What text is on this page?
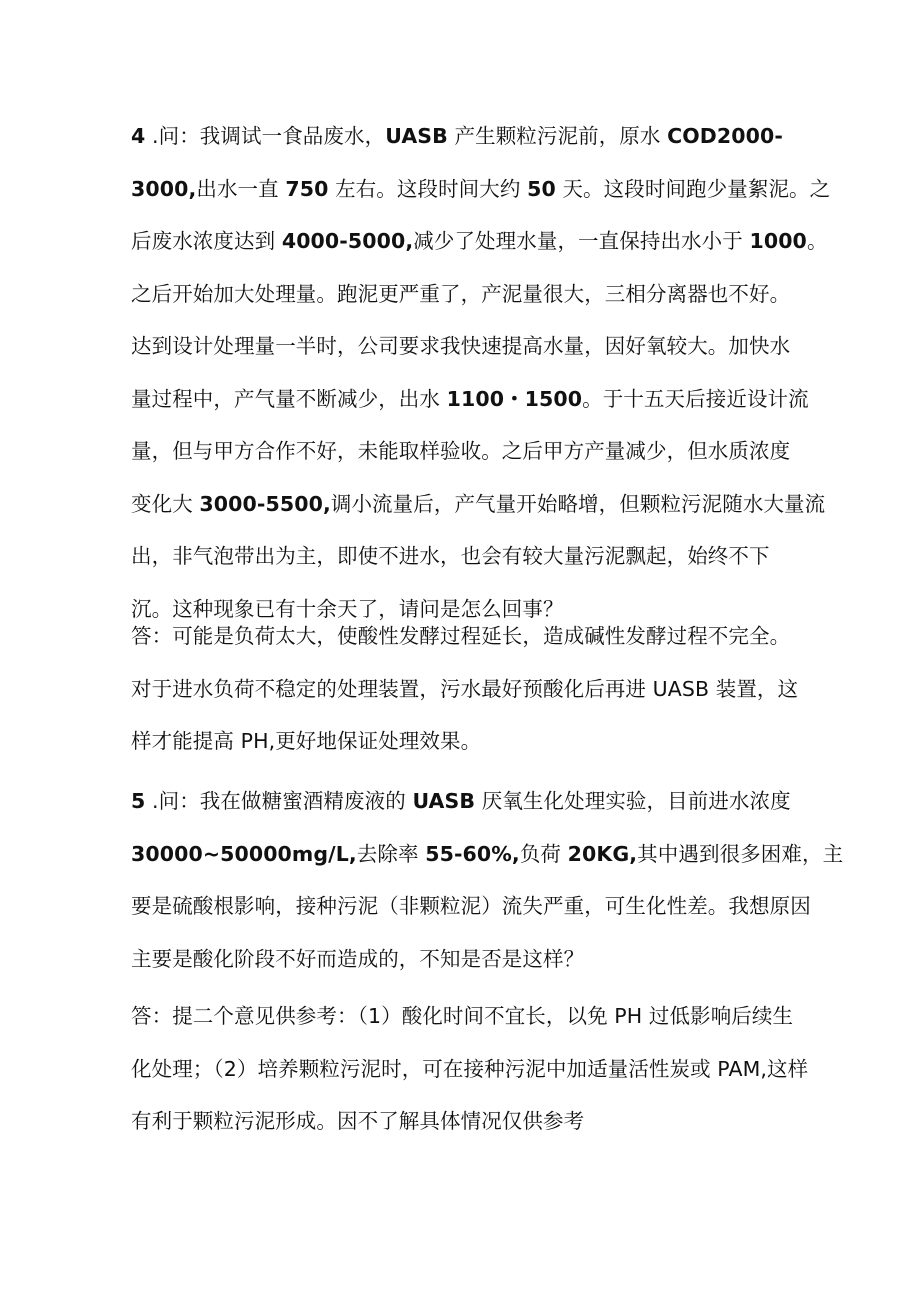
4 .问：我调试一食品废水，UASB 产生颗粒污泥前，原水 COD2000-
3000,出水一直 750 左右。这段时间大约 50 天。这段时间跑少量絮泥。之
后废水浓度达到 4000-5000,减少了处理水量，一直保持出水小于 1000。
之后开始加大处理量。跑泥更严重了，产泥量很大，三相分离器也不好。
达到设计处理量一半时，公司要求我快速提高水量，因好氧较大。加快水
量过程中，产气量不断减少，出水 1100・1500。于十五天后接近设计流
量，但与甲方合作不好，未能取样验收。之后甲方产量减少，但水质浓度
变化大 3000-5500,调小流量后，产气量开始略增，但颗粒污泥随水大量流
出，非气泡带出为主，即使不进水，也会有较大量污泥飘起，始终不下
沉。这种现象已有十余天了，请问是怎么回事？
答：可能是负荷太大，使酸性发酵过程延长，造成碱性发酵过程不完全。
对于进水负荷不稳定的处理装置，污水最好预酸化后再进 UASB 装置，这
样才能提高 PH,更好地保证处理效果。
5 .问：我在做糖蜜酒精废液的 UASB 厌氧生化处理实验，目前进水浓度
30000~50000mg/L,去除率 55-60%,负荷 20KG,其中遇到很多困难，主
要是硫酸根影响，接种污泥（非颗粒泥）流失严重，可生化性差。我想原因
主要是酸化阶段不好而造成的，不知是否是这样？
答：提二个意见供参考：（1）酸化时间不宜长，以免 PH 过低影响后续生
化处理；（2）培养颗粒污泥时，可在接种污泥中加适量活性炭或 PAM,这样
有利于颗粒污泥形成。因不了解具体情况仅供参考
